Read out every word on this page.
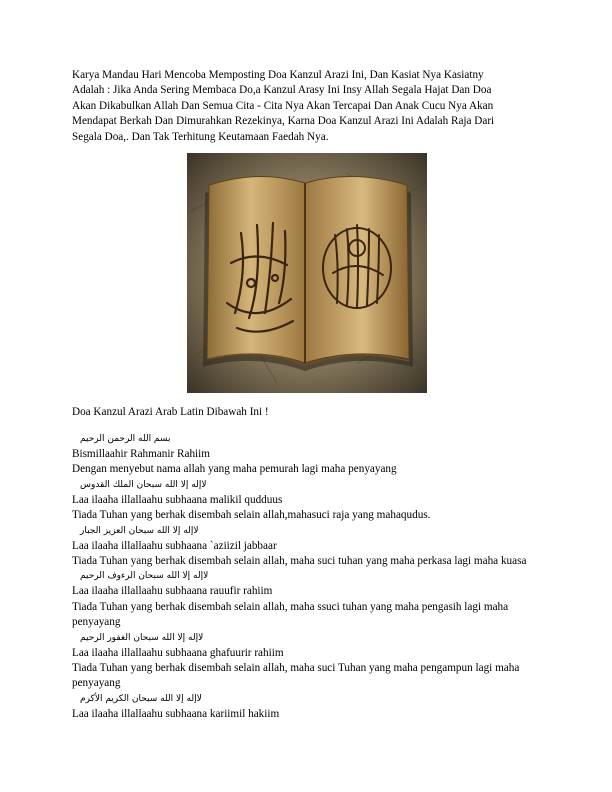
Karya Mandau Hari Mencoba Memposting Doa Kanzul Arazi Ini, Dan Kasiat Nya Kasiatny

Adalah : Jika Anda Sering Membaca Do,a Kanzul Arasy Ini Insy Allah Segala Hajat Dan Doa

Akan Dikabulkan Allah Dan Semua Cita - Cita Nya Akan Tercapai Dan Anak Cucu Nya Akan

Mendapat Berkah Dan Dimurahkan Rezekinya, Karna Doa Kanzul Arazi Ini Adalah Raja Dari

Segala Doa,. Dan Tak Terhitung Keutamaan Faedah Nya.

Doa Kanzul Arazi Arab Latin Dibawah Ini !
بسم الله الرحمن الرحيم
Bismillaahir Rahmanir Rahiim
Dengan menyebut nama allah yang maha pemurah lagi maha penyayang
لاإله إلا الله سبحان الملك القدوس
Laa ilaaha illallaahu subhaana malikil qudduus
Tiada Tuhan yang berhak disembah selain allah,mahasuci raja yang mahaqudus.
لاإله إلا الله سبحان العزيز الجبار
Laa ilaaha illallaahu subhaana `aziizil jabbaar
Tiada Tuhan yang berhak disembah selain allah, maha suci tuhan yang maha perkasa lagi maha kuasa
لاإله إلا الله سبحان الرءوف الرحيم
Laa ilaaha illallaahu subhaana rauufir rahiim
Tiada Tuhan yang berhak disembah selain allah, maha ssuci tuhan yang maha pengasih lagi maha penyayang
لاإله إلا الله سبحان الغفور الرحيم
Laa ilaaha illallaahu subhaana ghafuurir rahiim
Tiada Tuhan yang berhak disembah selain allah, maha suci Tuhan yang maha pengampun lagi maha penyayang
لاإله إلا الله سبحان الكريم الأكرم
Laa ilaaha illallaahu subhaana kariimil hakiim
